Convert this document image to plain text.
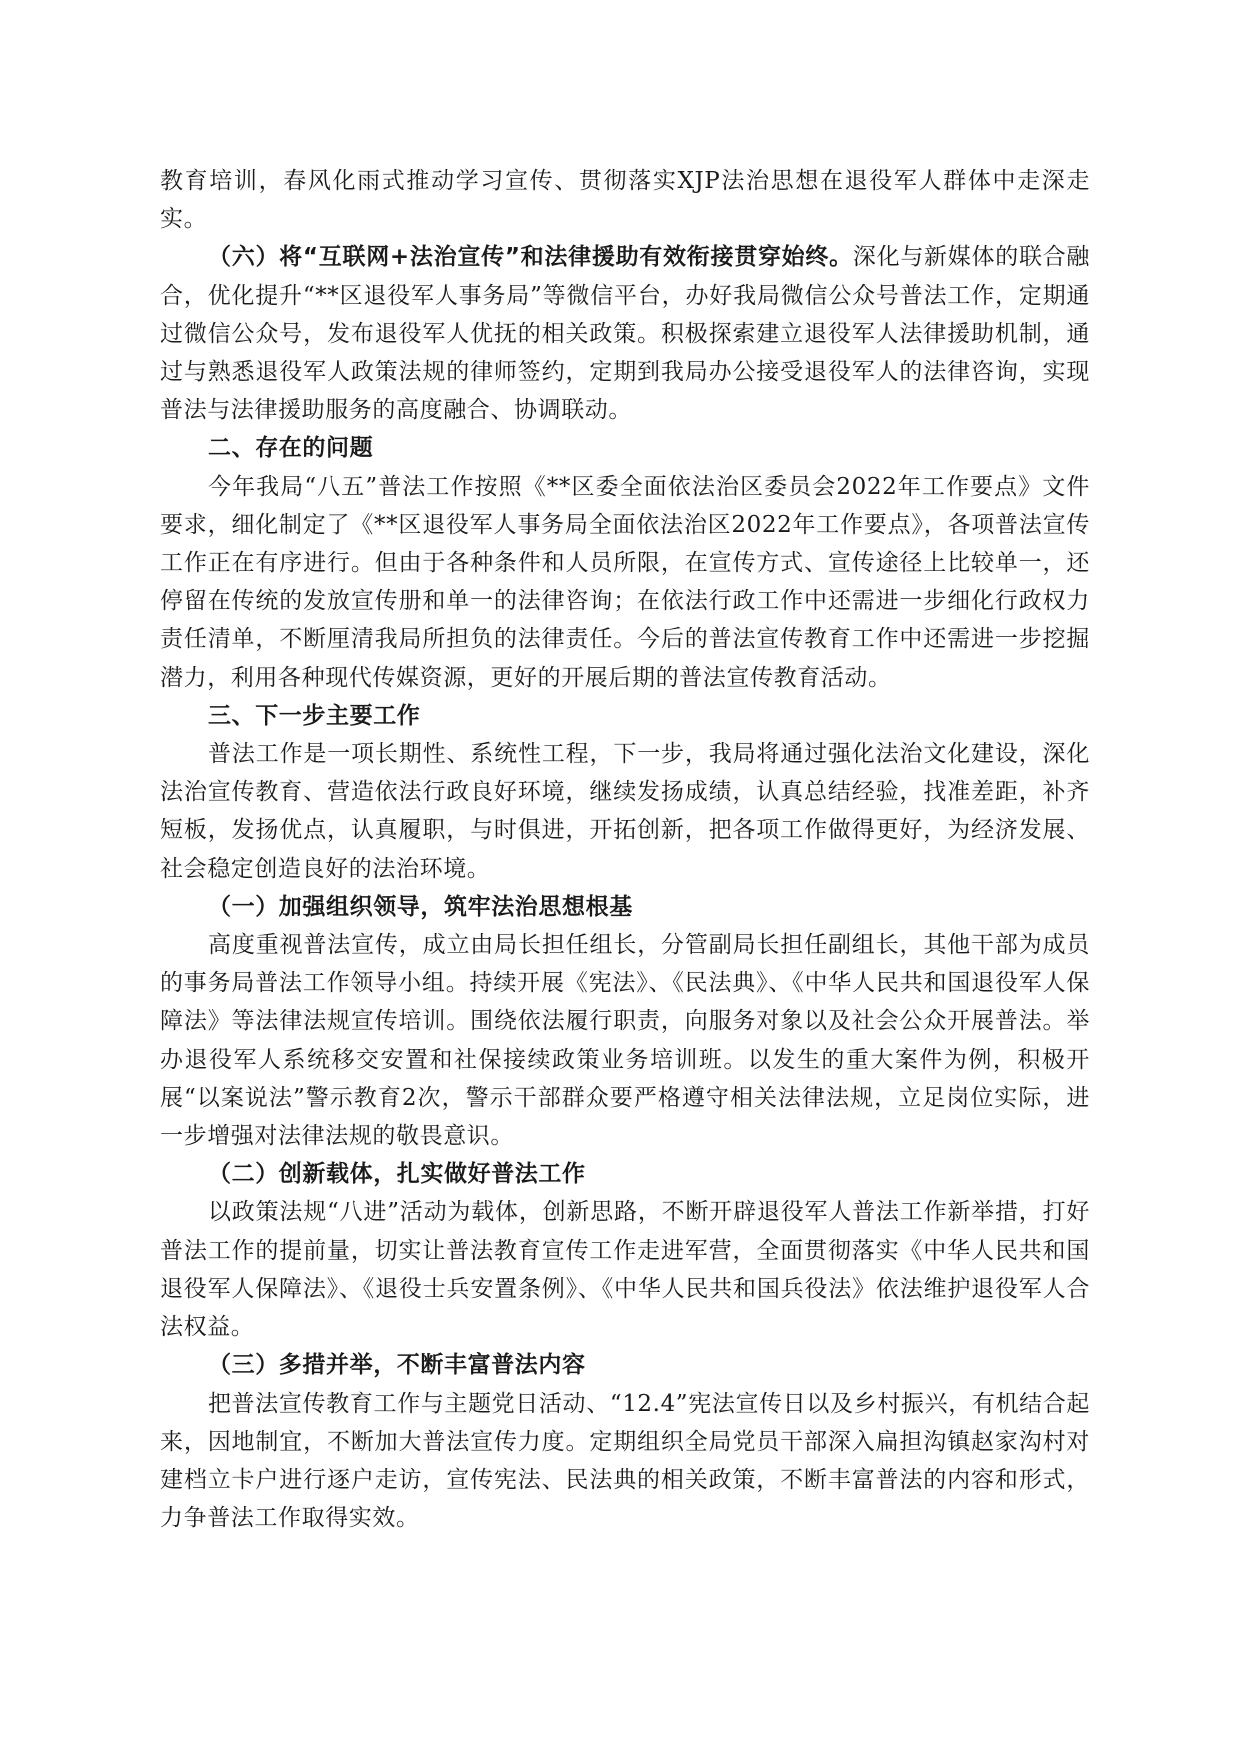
教育培训，春风化雨式推动学习宣传、贯彻落实XJP法治思想在退役军人群体中走深走实。

（六）将“互联网+法治宣传”和法律援助有效衔接贯穿始终。深化与新媒体的联合融合，优化提升“**区退役军人事务局”等微信平台，办好我局微信公众号普法工作，定期通过微信公众号，发布退役军人优抚的相关政策。积极探索建立退役军人法律援助机制，通过与熟悉退役军人政策法规的律师签约，定期到我局办公接受退役军人的法律咨询，实现普法与法律援助服务的高度融合、协调联动。

二、存在的问题

今年我局“八五”普法工作按照《**区委全面依法治区委员会2022年工作要点》文件要求，细化制定了《**区退役军人事务局全面依法治区2022年工作要点》，各项普法宣传工作正在有序进行。但由于各种条件和人员所限，在宣传方式、宣传途径上比较单一，还停留在传统的发放宣传册和单一的法律咨询；在依法行政工作中还需进一步细化行政权力责任清单，不断厘清我局所担负的法律责任。今后的普法宣传教育工作中还需进一步挖掘潜力，利用各种现代传媒资源，更好的开展后期的普法宣传教育活动。

三、下一步主要工作

普法工作是一项长期性、系统性工程，下一步，我局将通过强化法治文化建设，深化法治宣传教育、营造依法行政良好环境，继续发扬成绩，认真总结经验，找准差距，补齐短板，发扬优点，认真履职，与时俱进，开拓创新，把各项工作做得更好，为经济发展、社会稳定创造良好的法治环境。

（一）加强组织领导，筑牢法治思想根基

高度重视普法宣传，成立由局长担任组长，分管副局长担任副组长，其他干部为成员的事务局普法工作领导小组。持续开展《宪法》、《民法典》、《中华人民共和国退役军人保障法》等法律法规宣传培训。围绕依法履行职责，向服务对象以及社会公众开展普法。举办退役军人系统移交安置和社保接续政策业务培训班。以发生的重大案件为例，积极开展“以案说法”警示教育2次，警示干部群众要严格遵守相关法律法规，立足岗位实际，进一步增强对法律法规的敬畏意识。

（二）创新载体，扎实做好普法工作

以政策法规“八进”活动为载体，创新思路，不断开辟退役军人普法工作新举措，打好普法工作的提前量，切实让普法教育宣传工作走进军营，全面贯彻落实《中华人民共和国退役军人保障法》、《退役士兵安置条例》、《中华人民共和国兵役法》依法维护退役军人合法权益。

（三）多措并举，不断丰富普法内容

把普法宣传教育工作与主题党日活动、“12.4”宪法宣传日以及乡村振兴，有机结合起来，因地制宜，不断加大普法宣传力度。定期组织全局党员干部深入扁担沟镇赵家沟村对建档立卡户进行逐户走访，宣传宪法、民法典的相关政策，不断丰富普法的内容和形式，力争普法工作取得实效。
